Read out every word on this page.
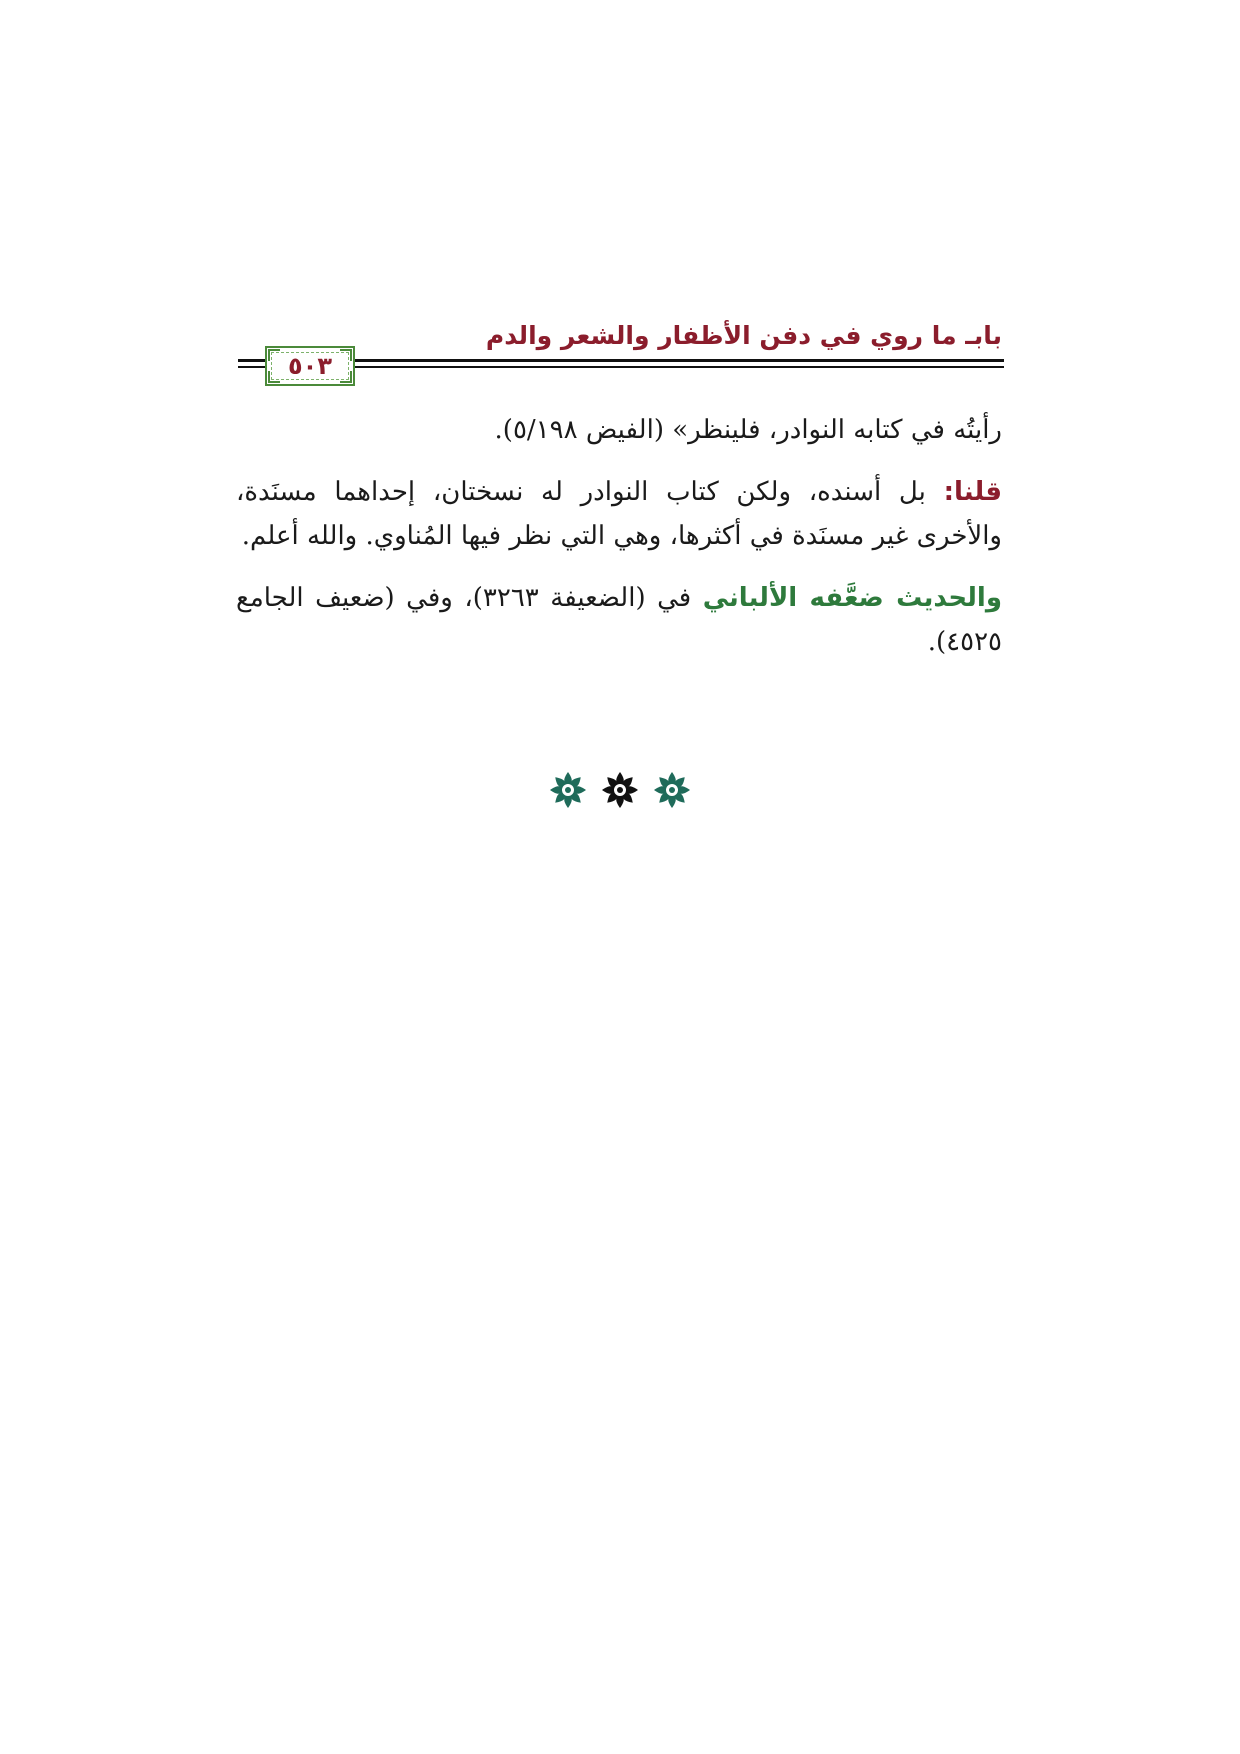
بابـ ما روي في دفن الأظفار والشعر والدم
٥٠٣

رأيتُه في كتابه النوادر، فلينظر» (الفيض ٥/١٩٨).

قلنا: بل أسنده، ولكن كتاب النوادر له نسختان، إحداهما مسنَدة، والأخرى غير مسنَدة في أكثرها، وهي التي نظر فيها المُناوي. والله أعلم.

والحديث ضعَّفه الألباني في (الضعيفة ٣٢٦٣)، وفي (ضعيف الجامع ٤٥٢٥).
